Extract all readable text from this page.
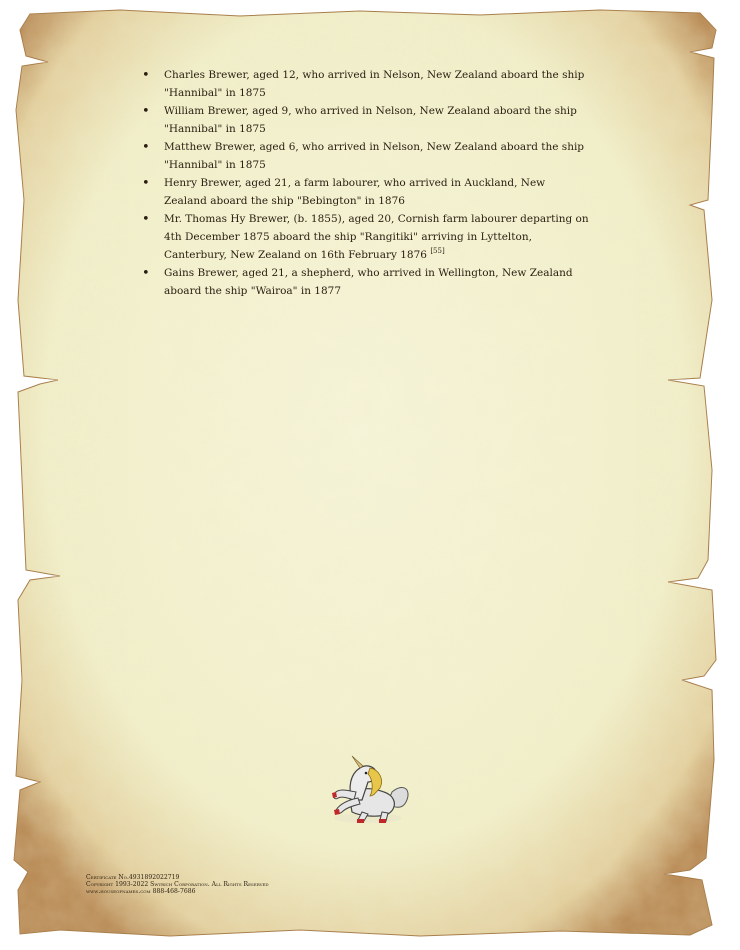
• Charles Brewer, aged 12, who arrived in Nelson, New Zealand aboard the ship "Hannibal" in 1875
• William Brewer, aged 9, who arrived in Nelson, New Zealand aboard the ship "Hannibal" in 1875
• Matthew Brewer, aged 6, who arrived in Nelson, New Zealand aboard the ship "Hannibal" in 1875
• Henry Brewer, aged 21, a farm labourer, who arrived in Auckland, New Zealand aboard the ship "Bebington" in 1876
• Mr. Thomas Hy Brewer, (b. 1855), aged 20, Cornish farm labourer departing on 4th December 1875 aboard the ship "Rangitiki" arriving in Lyttelton, Canterbury, New Zealand on 16th February 1876 [55]
• Gains Brewer, aged 21, a shepherd, who arrived in Wellington, New Zealand aboard the ship "Wairoa" in 1877
Certificate No.4931892022719
Copyright 1993-2022 Swyrich Corporation. All Rights Reserved
www.houseofnames.com 888-468-7686
